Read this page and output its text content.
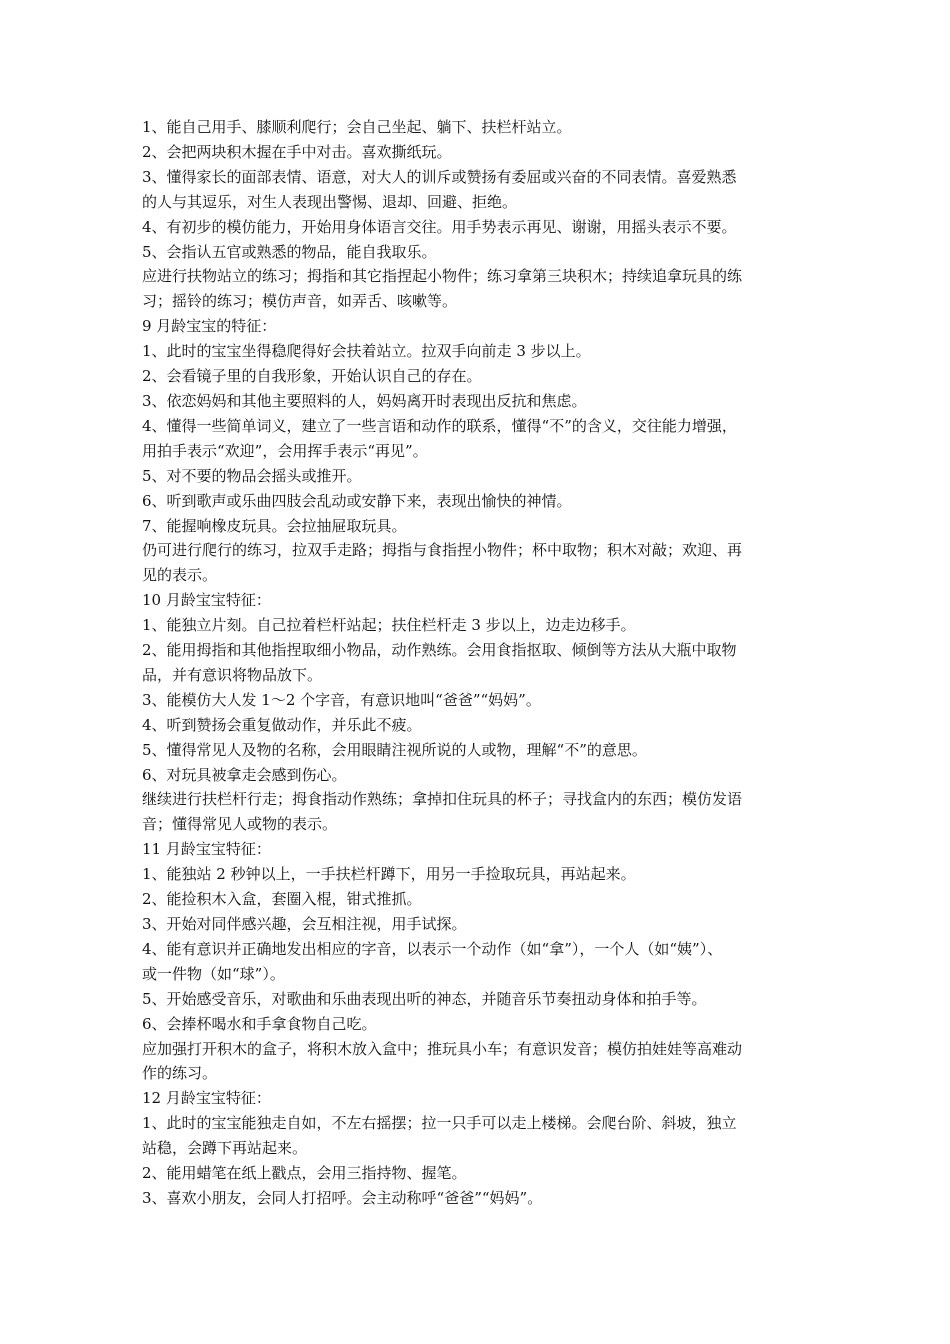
1、能自己用手、膝顺利爬行；会自己坐起、躺下、扶栏杆站立。
2、会把两块积木握在手中对击。喜欢撕纸玩。
3、懂得家长的面部表情、语意，对大人的训斥或赞扬有委屈或兴奋的不同表情。喜爱熟悉
的人与其逗乐，对生人表现出警惕、退却、回避、拒绝。
4、有初步的模仿能力，开始用身体语言交往。用手势表示再见、谢谢，用摇头表示不要。
5、会指认五官或熟悉的物品，能自我取乐。
应进行扶物站立的练习；拇指和其它指捏起小物件；练习拿第三块积木；持续追拿玩具的练
习；摇铃的练习；模仿声音，如弄舌、咳嗽等。
9 月龄宝宝的特征：
1、此时的宝宝坐得稳爬得好会扶着站立。拉双手向前走 3 步以上。
2、会看镜子里的自我形象，开始认识自己的存在。
3、依恋妈妈和其他主要照料的人，妈妈离开时表现出反抗和焦虑。
4、懂得一些简单词义，建立了一些言语和动作的联系，懂得“不”的含义，交往能力增强，
用拍手表示“欢迎”，会用挥手表示“再见”。
5、对不要的物品会摇头或推开。
6、听到歌声或乐曲四肢会乱动或安静下来，表现出愉快的神情。
7、能握响橡皮玩具。会拉抽屉取玩具。
仍可进行爬行的练习，拉双手走路；拇指与食指捏小物件；杯中取物；积木对敲；欢迎、再
见的表示。
10 月龄宝宝特征：
1、能独立片刻。自己拉着栏杆站起；扶住栏杆走 3 步以上，边走边移手。
2、能用拇指和其他指捏取细小物品，动作熟练。会用食指抠取、倾倒等方法从大瓶中取物
品，并有意识将物品放下。
3、能模仿大人发 1～2 个字音，有意识地叫“爸爸”“妈妈”。
4、听到赞扬会重复做动作，并乐此不疲。
5、懂得常见人及物的名称，会用眼睛注视所说的人或物，理解“不”的意思。
6、对玩具被拿走会感到伤心。
继续进行扶栏杆行走；拇食指动作熟练；拿掉扣住玩具的杯子；寻找盒内的东西；模仿发语
音；懂得常见人或物的表示。
11 月龄宝宝特征：
1、能独站 2 秒钟以上，一手扶栏杆蹲下，用另一手捡取玩具，再站起来。
2、能捡积木入盒，套圈入棍，钳式推抓。
3、开始对同伴感兴趣，会互相注视，用手试探。
4、能有意识并正确地发出相应的字音，以表示一个动作（如“拿”），一个人（如“姨”）、
或一件物（如“球”）。
5、开始感受音乐，对歌曲和乐曲表现出听的神态，并随音乐节奏扭动身体和拍手等。
6、会捧杯喝水和手拿食物自己吃。
应加强打开积木的盒子，将积木放入盒中；推玩具小车；有意识发音；模仿拍娃娃等高难动
作的练习。
12 月龄宝宝特征：
1、此时的宝宝能独走自如，不左右摇摆；拉一只手可以走上楼梯。会爬台阶、斜坡，独立
站稳，会蹲下再站起来。
2、能用蜡笔在纸上戳点，会用三指持物、握笔。
3、喜欢小朋友，会同人打招呼。会主动称呼“爸爸”“妈妈”。
